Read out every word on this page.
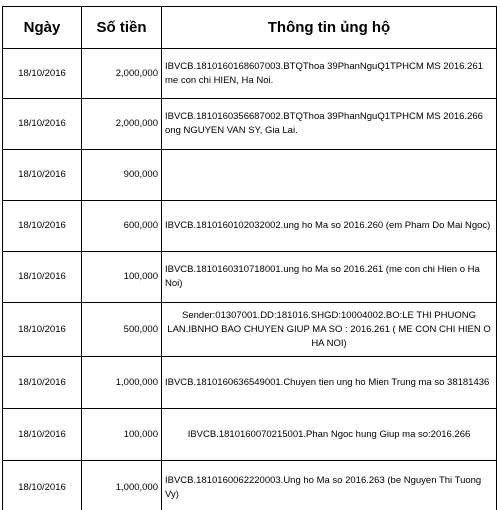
Ngày	Số tiền	Thông tin ủng hộ
18/10/2016	2,000,000	IBVCB.1810160168607003.BTQThoa 39PhanNguQ1TPHCM MS 2016.261 me con chi HIEN, Ha Noi.
18/10/2016	2,000,000	IBVCB.1810160356687002.BTQThoa 39PhanNguQ1TPHCM MS 2016.266 ong NGUYEN VAN SY, Gia Lai.
18/10/2016	900,000	
18/10/2016	600,000	IBVCB.1810160102032002.ung ho Ma so 2016.260 (em Pham Do Mai Ngoc)
18/10/2016	100,000	IBVCB.1810160310718001.ung ho Ma so 2016.261 (me con chi Hien o Ha Noi)
18/10/2016	500,000	Sender:01307001.DD:181016.SHGD:10004002.BO:LE THI PHUONG LAN.IBNHO BAO CHUYEN GIUP MA SO : 2016.261 ( ME CON CHI HIEN O HA NOI)
18/10/2016	1,000,000	IBVCB.1810160636549001.Chuyen tien ung ho Mien Trung ma so 38181436
18/10/2016	100,000	IBVCB.1810160070215001.Phan Ngoc hung Giup ma so:2016.266
18/10/2016	1,000,000	IBVCB.1810160062220003.Ung ho Ma so 2016.263 (be Nguyen Thi Tuong Vy)
